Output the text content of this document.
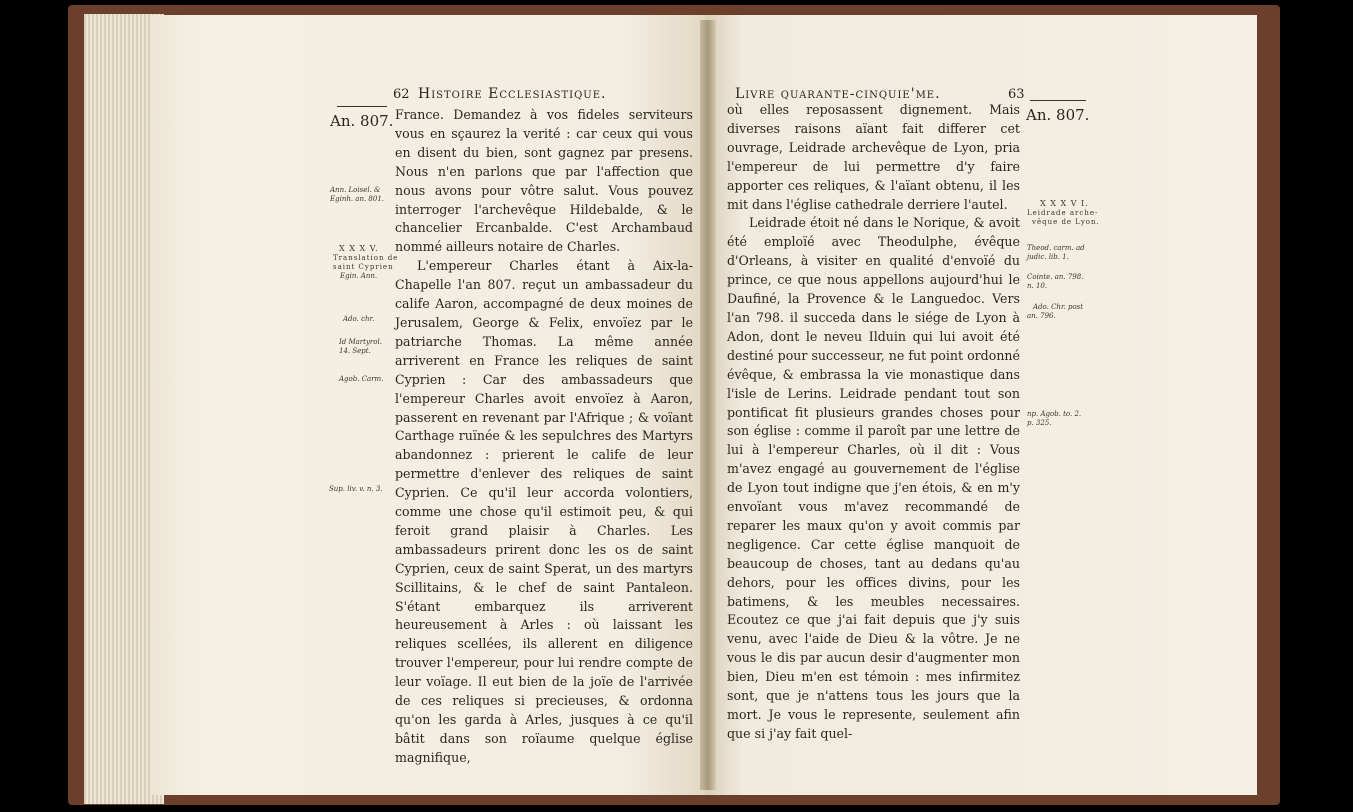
62 Histoire Ecclesiastique.
An. 807.
Ann. Loisel. &
Eginh. an. 801.
X X X V.
Translation de
saint Cyprien
Egin. Ann.
Ado. chr.
Id Martyrol.
14. Sept.
Agob. Carm.
Sup. liv. v. n. 3.

France. Demandez à vos fideles serviteurs vous en sçaurez la verité : car ceux qui vous en disent du bien, sont gagnez par presens. Nous n'en parlons que par l'affection que nous avons pour vôtre salut. Vous pouvez interroger l'archevêque Hildebalde, & le chancelier Ercanbalde. C'est Archambaud nommé ailleurs notaire de Charles.

L'empereur Charles étant à Aix-la-Chapelle l'an 807. reçut un ambassadeur du calife Aaron, accompagné de deux moines de Jerusalem, George & Felix, envoïez par le patriarche Thomas. La même année arriverent en France les reliques de saint Cyprien : Car des ambassadeurs que l'empereur Charles avoit envoïez à Aaron, passerent en revenant par l'Afrique ; & voïant Carthage ruïnée & les sepulchres des Martyrs abandonnez : prierent le calife de leur permettre d'enlever des reliques de saint Cyprien. Ce qu'il leur accorda volontiers, comme une chose qu'il estimoit peu, & qui feroit grand plaisir à Charles. Les ambassadeurs prirent donc les os de saint Cyprien, ceux de saint Sperat, un des martyrs Scillitains, & le chef de saint Pantaleon. S'étant embarquez ils arriverent heureusement à Arles : où laissant les reliques scellées, ils allerent en diligence trouver l'empereur, pour lui rendre compte de leur voïage. Il eut bien de la joïe de l'arrivée de ces reliques si precieuses, & ordonna qu'on les garda à Arles, jusques à ce qu'il bâtit dans son roïaume quelque église magnifique,

Livre quarante-cinquie'me.	63
An. 807.
X X X V I.
Leidrade arche-
vêque de Lyon.
Theod. carm. ad
judic. lib. 1.
Cointe. an. 798.
n. 10.
Ado. Chr. post
an. 796.
np. Agob. to. 2.
p. 325.

où elles reposassent dignement. Mais diverses raisons aïant fait differer cet ouvrage, Leidrade archevêque de Lyon, pria l'empereur de lui permettre d'y faire apporter ces reliques, & l'aïant obtenu, il les mit dans l'église cathedrale derriere l'autel.

Leidrade étoit né dans le Norique, & avoit été emploïé avec Theodulphe, évêque d'Orleans, à visiter en qualité d'envoïé du prince, ce que nous appellons aujourd'hui le Daufiné, la Provence & le Languedoc. Vers l'an 798. il succeda dans le siége de Lyon à Adon, dont le neveu Ilduin qui lui avoit été destiné pour successeur, ne fut point ordonné évêque, & embrassa la vie monastique dans l'isle de Lerins. Leidrade pendant tout son pontificat fit plusieurs grandes choses pour son église : comme il paroît par une lettre de lui à l'empereur Charles, où il dit : Vous m'avez engagé au gouvernement de l'église de Lyon tout indigne que j'en étois, & en m'y envoïant vous m'avez recommandé de reparer les maux qu'on y avoit commis par negligence. Car cette église manquoit de beaucoup de choses, tant au dedans qu'au dehors, pour les offices divins, pour les batimens, & les meubles necessaires. Ecoutez ce que j'ai fait depuis que j'y suis venu, avec l'aide de Dieu & la vôtre. Je ne vous le dis par aucun desir d'augmenter mon bien, Dieu m'en est témoin : mes infirmitez sont, que je n'attens tous les jours que la mort. Je vous le represente, seulement afin que si j'ay fait quel-
